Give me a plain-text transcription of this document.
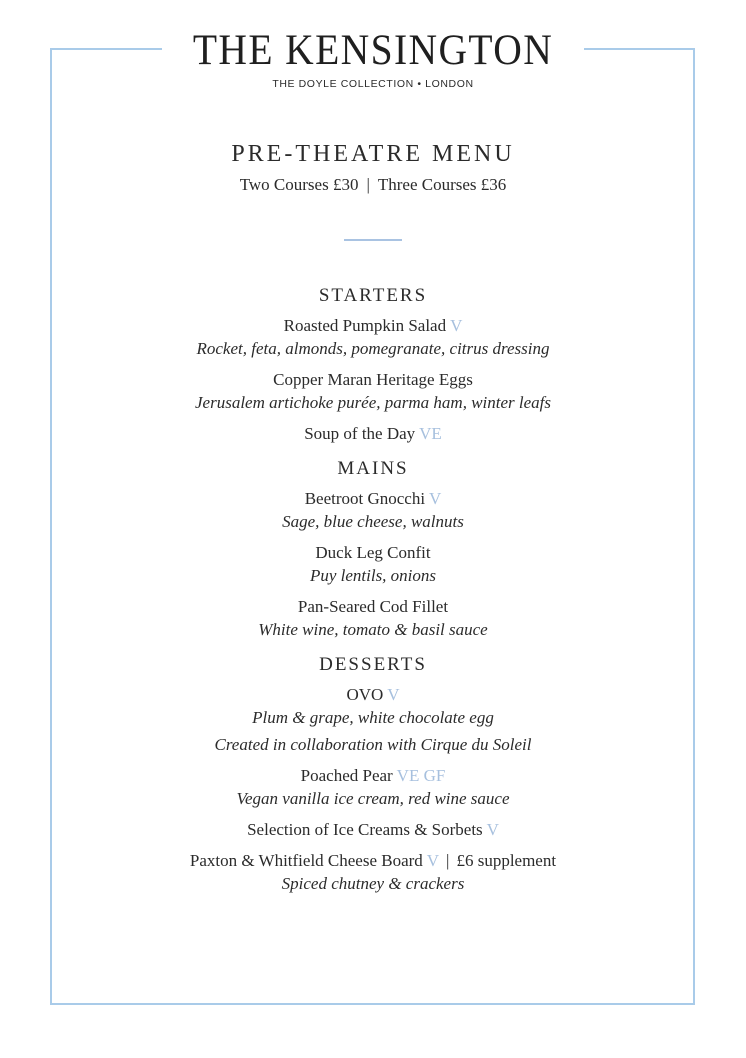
THE KENSINGTON
THE DOYLE COLLECTION • LONDON
PRE-THEATRE MENU
Two Courses £30 | Three Courses £36
STARTERS
Roasted Pumpkin Salad V
Rocket, feta, almonds, pomegranate, citrus dressing
Copper Maran Heritage Eggs
Jerusalem artichoke purée, parma ham, winter leafs
Soup of the Day VE
MAINS
Beetroot Gnocchi V
Sage, blue cheese, walnuts
Duck Leg Confit
Puy lentils, onions
Pan-Seared Cod Fillet
White wine, tomato & basil sauce
DESSERTS
OVO V
Plum & grape, white chocolate egg
Created in collaboration with Cirque du Soleil
Poached Pear VE GF
Vegan vanilla ice cream, red wine sauce
Selection of Ice Creams & Sorbets V
Paxton & Whitfield Cheese Board V | £6 supplement
Spiced chutney & crackers
